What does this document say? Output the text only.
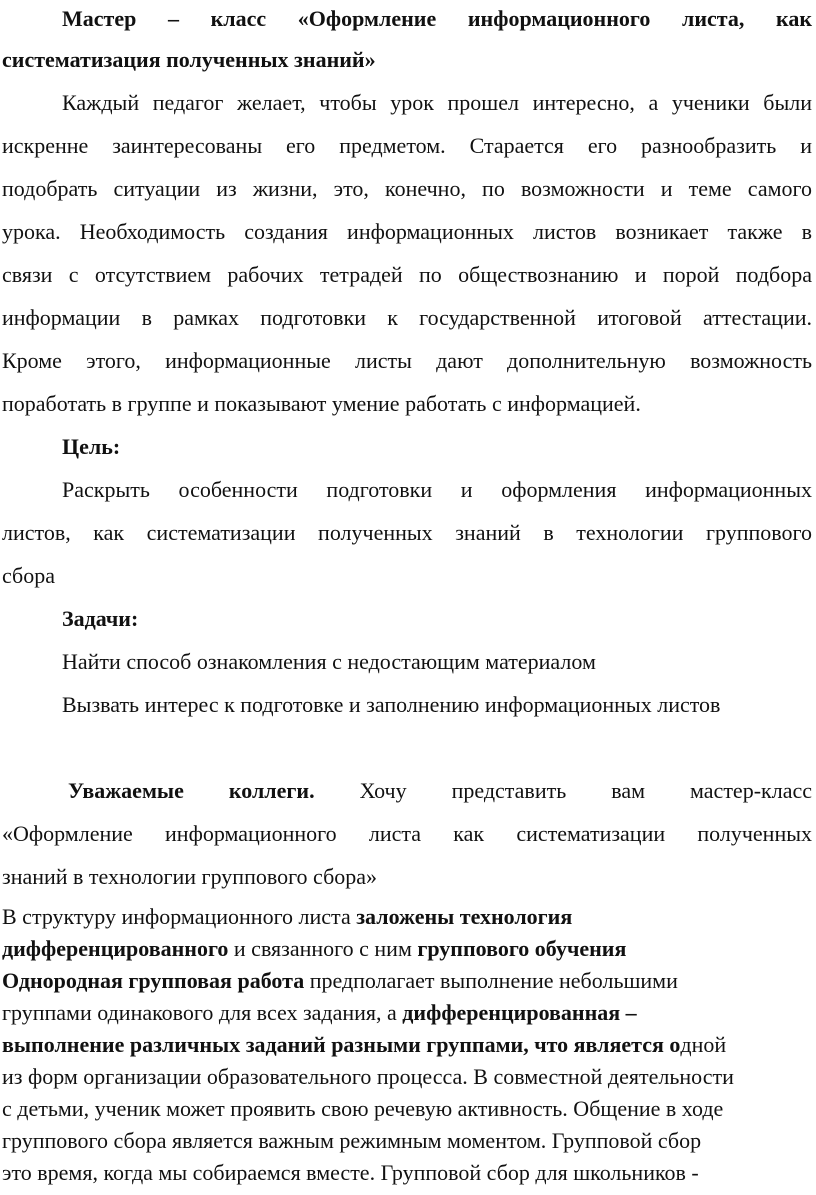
Мастер – класс «Оформление информационного листа, как
систематизация полученных знаний»
Каждый педагог желает, чтобы урок прошел интересно, а ученики были
искренне заинтересованы его предметом. Старается его разнообразить и
подобрать ситуации из жизни, это, конечно, по возможности и теме самого
урока. Необходимость создания информационных листов возникает также в
связи с отсутствием рабочих тетрадей по обществознанию и порой подбора
информации в рамках подготовки к государственной итоговой аттестации.
Кроме этого, информационные листы дают дополнительную возможность
поработать в группе и показывают умение работать с информацией.
Цель:
Раскрыть особенности подготовки и оформления информационных
листов, как систематизации полученных знаний в технологии группового
сбора
Задачи:
Найти способ ознакомления с недостающим материалом
Вызвать интерес к подготовке и заполнению информационных листов
Уважаемые коллеги. Хочу представить вам мастер-класс
«Оформление информационного листа как систематизации полученных
знаний в технологии группового сбора»
В структуру информационного листа заложены технология
дифференцированного и связанного с ним группового обучения
Однородная групповая работа предполагает выполнение небольшими
группами одинакового для всех задания, а дифференцированная –
выполнение различных заданий разными группами, что является одной
из форм организации образовательного процесса. В совместной деятельности
с детьми, ученик может проявить свою речевую активность. Общение в ходе
группового сбора является важным режимным моментом. Групповой сбор
это время, когда мы собираемся вместе. Групповой сбор для школьников -
